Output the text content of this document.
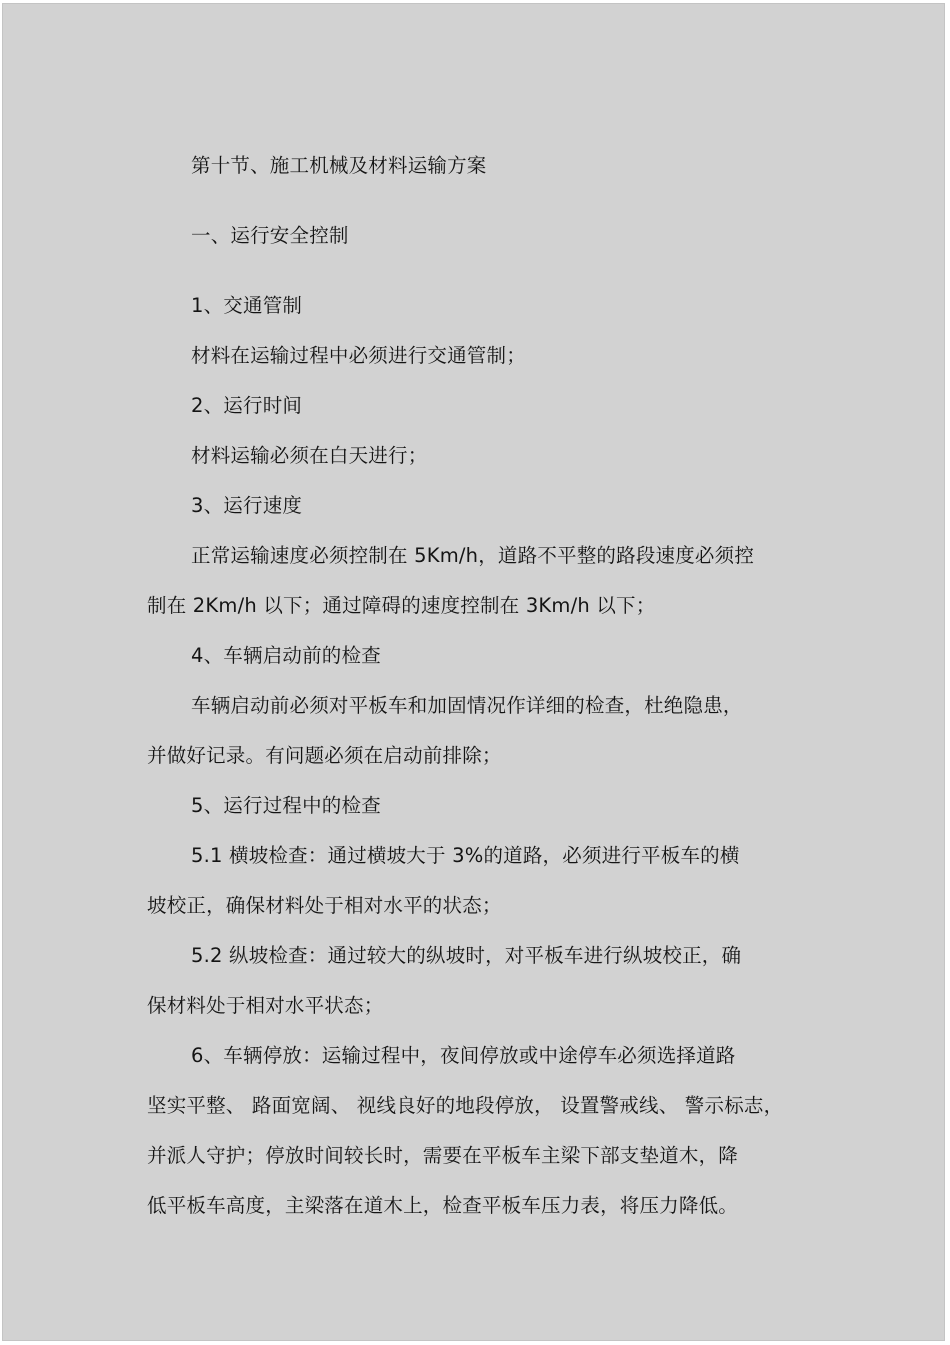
第十节、施工机械及材料运输方案
一、运行安全控制
1、交通管制
材料在运输过程中必须进行交通管制；
2、运行时间
材料运输必须在白天进行；
3、运行速度
正常运输速度必须控制在 5Km/h，道路不平整的路段速度必须控
制在 2Km/h 以下；通过障碍的速度控制在 3Km/h 以下；
4、车辆启动前的检查
车辆启动前必须对平板车和加固情况作详细的检查，杜绝隐患，
并做好记录。有问题必须在启动前排除；
5、运行过程中的检查
5.1 横坡检查：通过横坡大于 3%的道路，必须进行平板车的横
坡校正，确保材料处于相对水平的状态；
5.2 纵坡检查：通过较大的纵坡时，对平板车进行纵坡校正，确
保材料处于相对水平状态；
6、车辆停放：运输过程中，夜间停放或中途停车必须选择道路
坚实平整、 路面宽阔、 视线良好的地段停放， 设置警戒线、 警示标志，
并派人守护；停放时间较长时，需要在平板车主梁下部支垫道木，降
低平板车高度，主梁落在道木上，检查平板车压力表，将压力降低。
